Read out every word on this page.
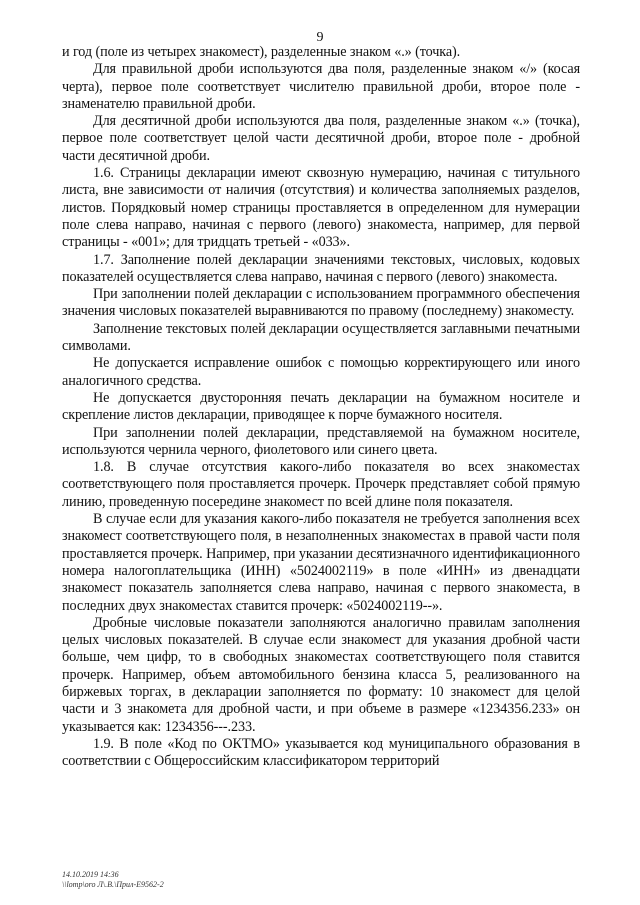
9

и год (поле из четырех знакомест), разделенные знаком «.» (точка).

Для правильной дроби используются два поля, разделенные знаком «/» (косая черта), первое поле соответствует числителю правильной дроби, второе поле - знаменателю правильной дроби.

Для десятичной дроби используются два поля, разделенные знаком «.» (точка), первое поле соответствует целой части десятичной дроби, второе поле - дробной части десятичной дроби.

1.6. Страницы декларации имеют сквозную нумерацию, начиная с титульного листа, вне зависимости от наличия (отсутствия) и количества заполняемых разделов, листов. Порядковый номер страницы проставляется в определенном для нумерации поле слева направо, начиная с первого (левого) знакоместа, например, для первой страницы - «001»; для тридцать третьей - «033».

1.7. Заполнение полей декларации значениями текстовых, числовых, кодовых показателей осуществляется слева направо, начиная с первого (левого) знакоместа.

При заполнении полей декларации с использованием программного обеспечения значения числовых показателей выравниваются по правому (последнему) знакоместу.

Заполнение текстовых полей декларации осуществляется заглавными печатными символами.

Не допускается исправление ошибок с помощью корректирующего или иного аналогичного средства.

Не допускается двусторонняя печать декларации на бумажном носителе и скрепление листов декларации, приводящее к порче бумажного носителя.

При заполнении полей декларации, представляемой на бумажном носителе, используются чернила черного, фиолетового или синего цвета.

1.8. В случае отсутствия какого-либо показателя во всех знакоместах соответствующего поля проставляется прочерк. Прочерк представляет собой прямую линию, проведенную посередине знакомест по всей длине поля показателя.

В случае если для указания какого-либо показателя не требуется заполнения всех знакомест соответствующего поля, в незаполненных знакоместах в правой части поля проставляется прочерк. Например, при указании десятизначного идентификационного номера налогоплательщика (ИНН) «5024002119» в поле «ИНН» из двенадцати знакомест показатель заполняется слева направо, начиная с первого знакоместа, в последних двух знакоместах ставится прочерк: «5024002119--».

Дробные числовые показатели заполняются аналогично правилам заполнения целых числовых показателей. В случае если знакомест для указания дробной части больше, чем цифр, то в свободных знакоместах соответствующего поля ставится прочерк. Например, объем автомобильного бензина класса 5, реализованного на биржевых торгах, в декларации заполняется по формату: 10 знакомест для целой части и 3 знакомета для дробной части, и при объеме в размере «1234356.233» он указывается как: 1234356---.233.

1.9. В поле «Код по ОКТМО» указывается код муниципального образования в соответствии с Общероссийским классификатором территорий

14.10.2019 14:36
\\lomp\oro Л\.В.\Прил-E9562-2
